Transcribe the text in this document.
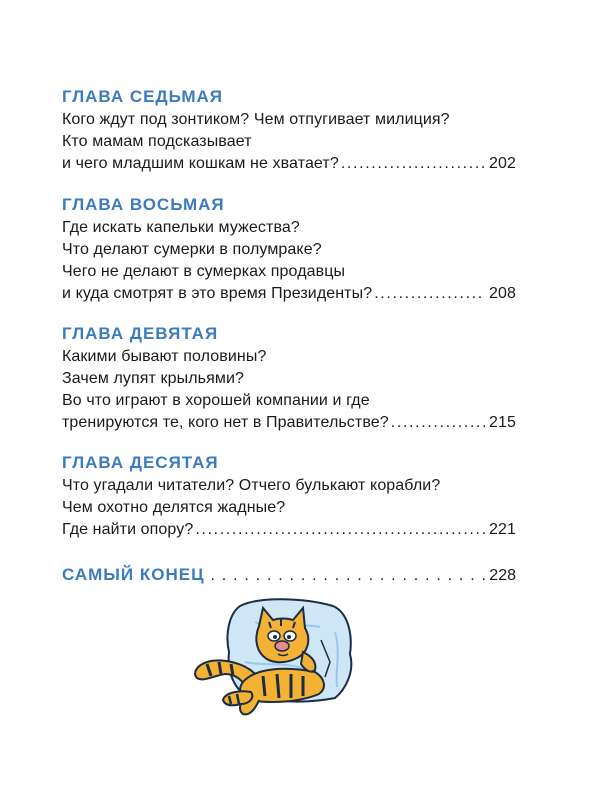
ГЛАВА СЕДЬМАЯ
Кого ждут под зонтиком? Чем отпугивает милиция?
Кто мамам подсказывает
и чего младшим кошкам не хватает? . . .	202
ГЛАВА ВОСЬМАЯ
Где искать капельки мужества?
Что делают сумерки в полумраке?
Чего не делают в сумерках продавцы
и куда смотрят в это время Президенты? . . .	208
ГЛАВА ДЕВЯТАЯ
Какими бывают половины?
Зачем лупят крыльями?
Во что играют в хорошей компании и где
тренируются те, кого нет в Правительстве? . . .	215
ГЛАВА ДЕСЯТАЯ
Что угадали читатели? Отчего булькают корабли?
Чем охотно делятся жадные?
Где найти опору? . . .	221
САМЫЙ КОНЕЦ . . .	228
